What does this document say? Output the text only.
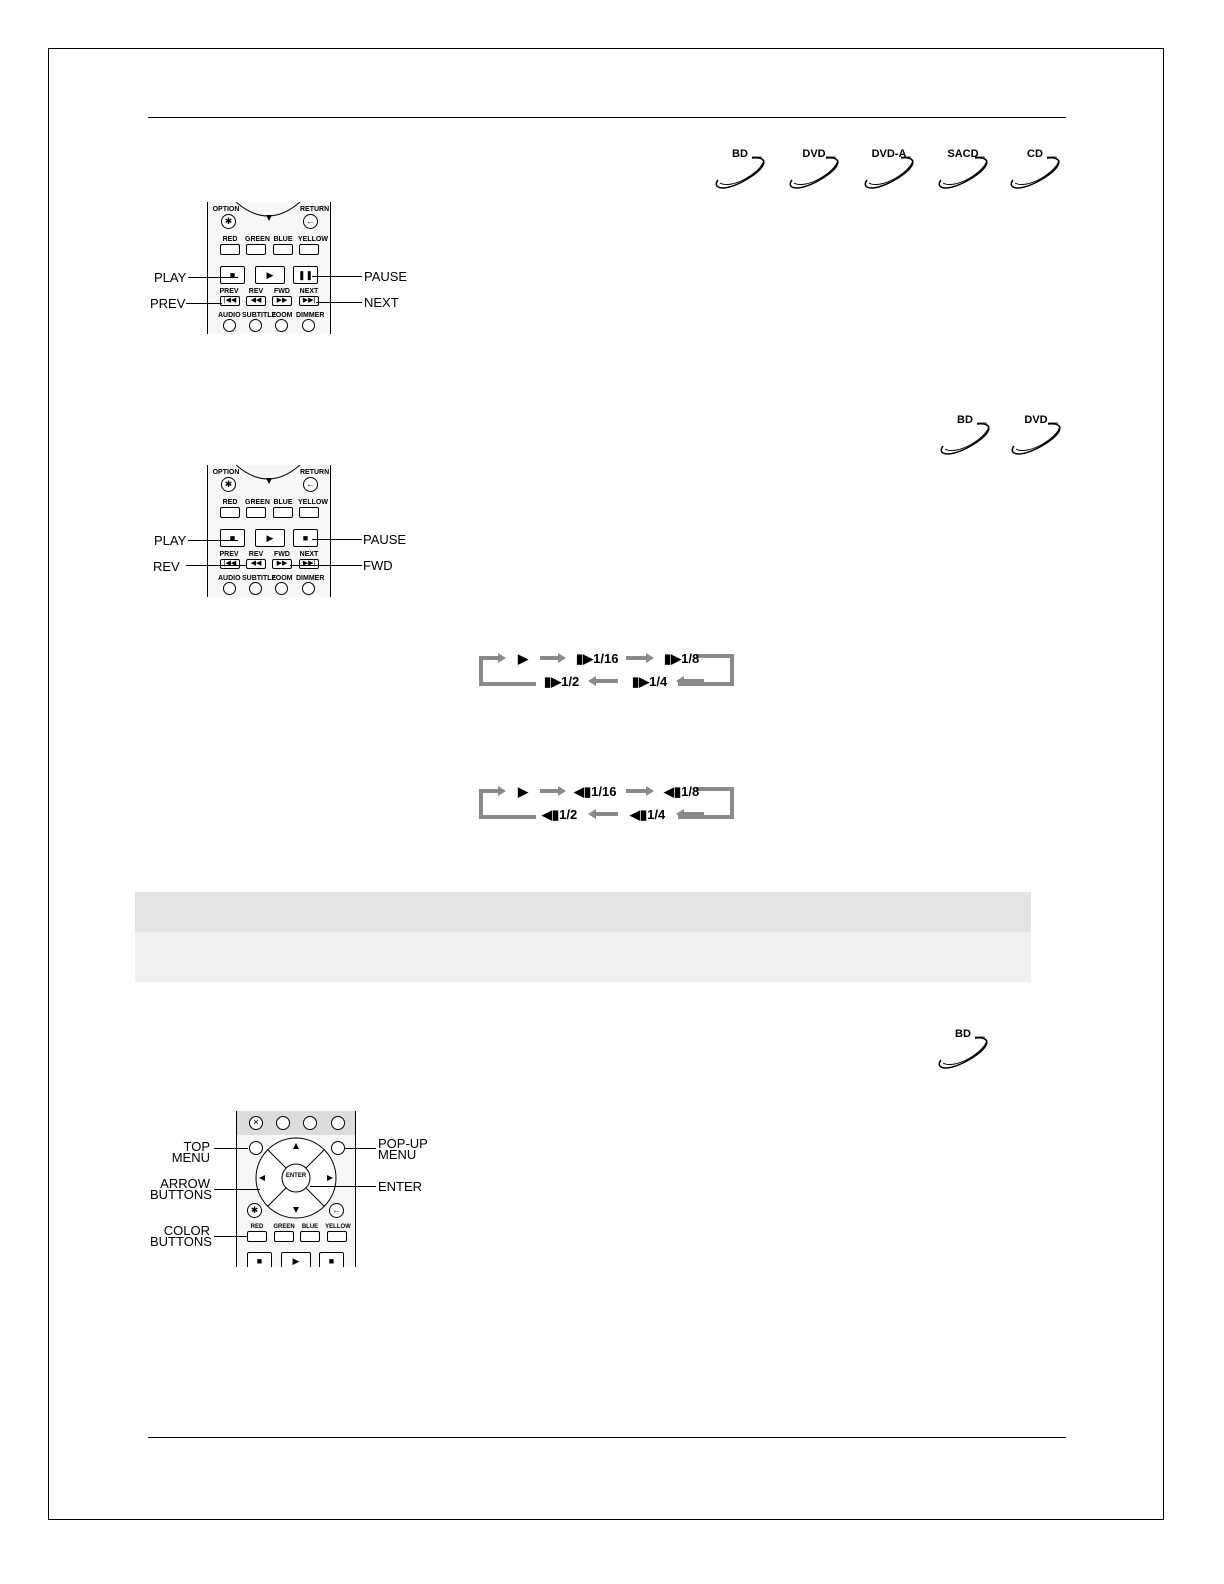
BD	DVD	DVD-A	SACD	CD
BD	DVD
BD
OPTION	RETURN
✱	←
RED	GREEN BLUE YELLOW
■	▶	❚❚
PREV	REV	FWD	NEXT
|◀◀	◀◀	▶▶	▶▶|
AUDIO SUBTITLE
ZOOM DIMMER
PLAY
PREV
PAUSE
NEXT
OPTION	RETURN
✱	←
RED	GREEN BLUE YELLOW
■	▶	■
PREV	REV	FWD	NEXT
|◀◀	◀◀	▶▶	▶▶|
AUDIO SUBTITLE
ZOOM DIMMER
PLAY
REV
PAUSE
FWD
▶	▮▶1/16	▮▶1/8
▮▶1/2	▮▶1/4
▶	◀▮1/16	◀▮1/8
◀▮1/2	◀▮1/4
✕
ENTER
✱	←
RED	GREEN	BLUE	YELLOW
■	▶	■
TOP
MENU
ARROW
BUTTONS
COLOR
BUTTONS
POP-UP
MENU
ENTER
